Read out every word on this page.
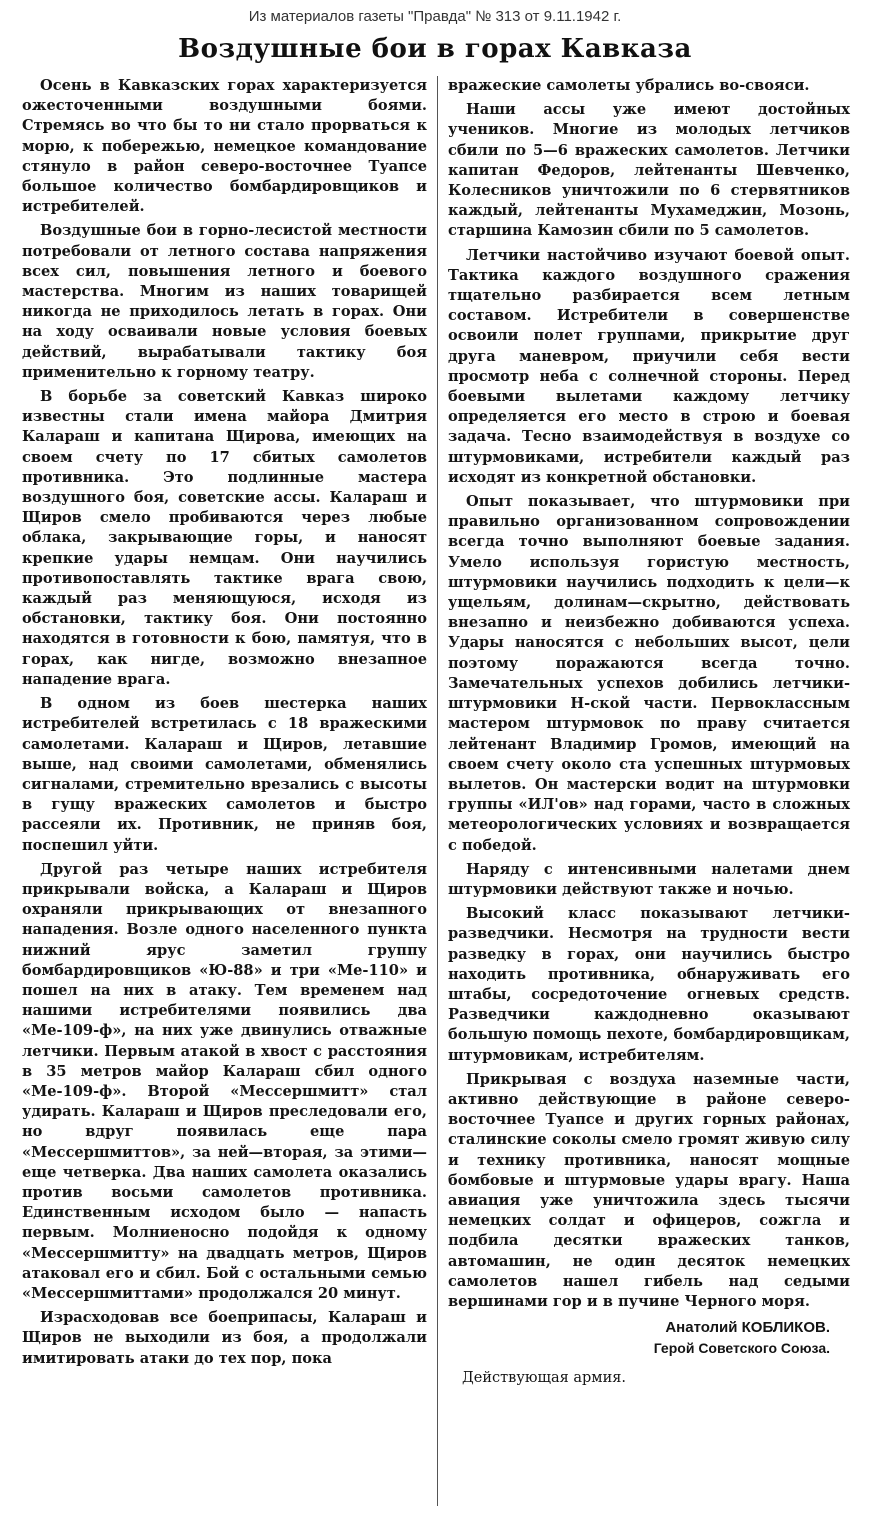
Из материалов газеты "Правда" № 313 от 9.11.1942 г.
Воздушные бои в горах Кавказа

Осень в Кавказских горах характеризуется ожесточенными воздушными боями. Стремясь во что бы то ни стало прорваться к морю, к побережью, немецкое командование стянуло в район северо-восточнее Туапсе большое количество бомбардировщиков и истребителей.

Воздушные бои в горно-лесистой местности потребовали от летного состава напряжения всех сил, повышения летного и боевого мастерства. Многим из наших товарищей никогда не приходилось летать в горах. Они на ходу осваивали новые условия боевых действий, вырабатывали тактику боя применительно к горному театру.

В борьбе за советский Кавказ широко известны стали имена майора Дмитрия Калараш и капитана Щирова, имеющих на своем счету по 17 сбитых самолетов противника. Это подлинные мастера воздушного боя, советские ассы. Калараш и Щиров смело пробиваются через любые облака, закрывающие горы, и наносят крепкие удары немцам. Они научились противопоставлять тактике врага свою, каждый раз меняющуюся, исходя из обстановки, тактику боя. Они постоянно находятся в готовности к бою, памятуя, что в горах, как нигде, возможно внезапное нападение врага.

В одном из боев шестерка наших истребителей встретилась с 18 вражескими самолетами. Калараш и Щиров, летавшие выше, над своими самолетами, обменялись сигналами, стремительно врезались с высоты в гущу вражеских самолетов и быстро рассеяли их. Противник, не приняв боя, поспешил уйти.

Другой раз четыре наших истребителя прикрывали войска, а Калараш и Щиров охраняли прикрывающих от внезапного нападения. Возле одного населенного пункта нижний ярус заметил группу бомбардировщиков «Ю-88» и три «Ме-110» и пошел на них в атаку. Тем временем над нашими истребителями появились два «Ме-109-ф», на них уже двинулись отважные летчики. Первым атакой в хвост с расстояния в 35 метров майор Калараш сбил одного «Ме-109-ф». Второй «Мессершмитт» стал удирать. Калараш и Щиров преследовали его, но вдруг появилась еще пара «Мессершмиттов», за ней—вторая, за этими—еще четверка. Два наших самолета оказались против восьми самолетов противника. Единственным исходом было — напасть первым. Молниеносно подойдя к одному «Мессершмитту» на двадцать метров, Щиров атаковал его и сбил. Бой с остальными семью «Мессершмиттами» продолжался 20 минут.

Израсходовав все боеприпасы, Калараш и Щиров не выходили из боя, а продолжали имитировать атаки до тех пор, пока

вражеские самолеты убрались во-свояси.

Наши ассы уже имеют достойных учеников. Многие из молодых летчиков сбили по 5—6 вражеских самолетов. Летчики капитан Федоров, лейтенанты Шевченко, Колесников уничтожили по 6 стервятников каждый, лейтенанты Мухамеджин, Мозонь, старшина Камозин сбили по 5 самолетов.

Летчики настойчиво изучают боевой опыт. Тактика каждого воздушного сражения тщательно разбирается всем летным составом. Истребители в совершенстве освоили полет группами, прикрытие друг друга маневром, приучили себя вести просмотр неба с солнечной стороны. Перед боевыми вылетами каждому летчику определяется его место в строю и боевая задача. Тесно взаимодействуя в воздухе со штурмовиками, истребители каждый раз исходят из конкретной обстановки.

Опыт показывает, что штурмовики при правильно организованном сопровождении всегда точно выполняют боевые задания. Умело используя гористую местность, штурмовики научились подходить к цели—к ущельям, долинам—скрытно, действовать внезапно и неизбежно добиваются успеха. Удары наносятся с небольших высот, цели поэтому поражаются всегда точно. Замечательных успехов добились летчики-штурмовики Н-ской части. Первоклассным мастером штурмовок по праву считается лейтенант Владимир Громов, имеющий на своем счету около ста успешных штурмовых вылетов. Он мастерски водит на штурмовки группы «ИЛ'ов» над горами, часто в сложных метеорологических условиях и возвращается с победой.

Наряду с интенсивными налетами днем штурмовики действуют также и ночью.

Высокий класс показывают летчики-разведчики. Несмотря на трудности вести разведку в горах, они научились быстро находить противника, обнаруживать его штабы, сосредоточение огневых средств. Разведчики каждодневно оказывают большую помощь пехоте, бомбардировщикам, штурмовикам, истребителям.

Прикрывая с воздуха наземные части, активно действующие в районе северо-восточнее Туапсе и других горных районах, сталинские соколы смело громят живую силу и технику противника, наносят мощные бомбовые и штурмовые удары врагу. Наша авиация уже уничтожила здесь тысячи немецких солдат и офицеров, сожгла и подбила десятки вражеских танков, автомашин, не один десяток немецких самолетов нашел гибель над седыми вершинами гор и в пучине Черного моря.

Анатолий КОБЛИКОВ.
Герой Советского Союза.
Действующая армия.
